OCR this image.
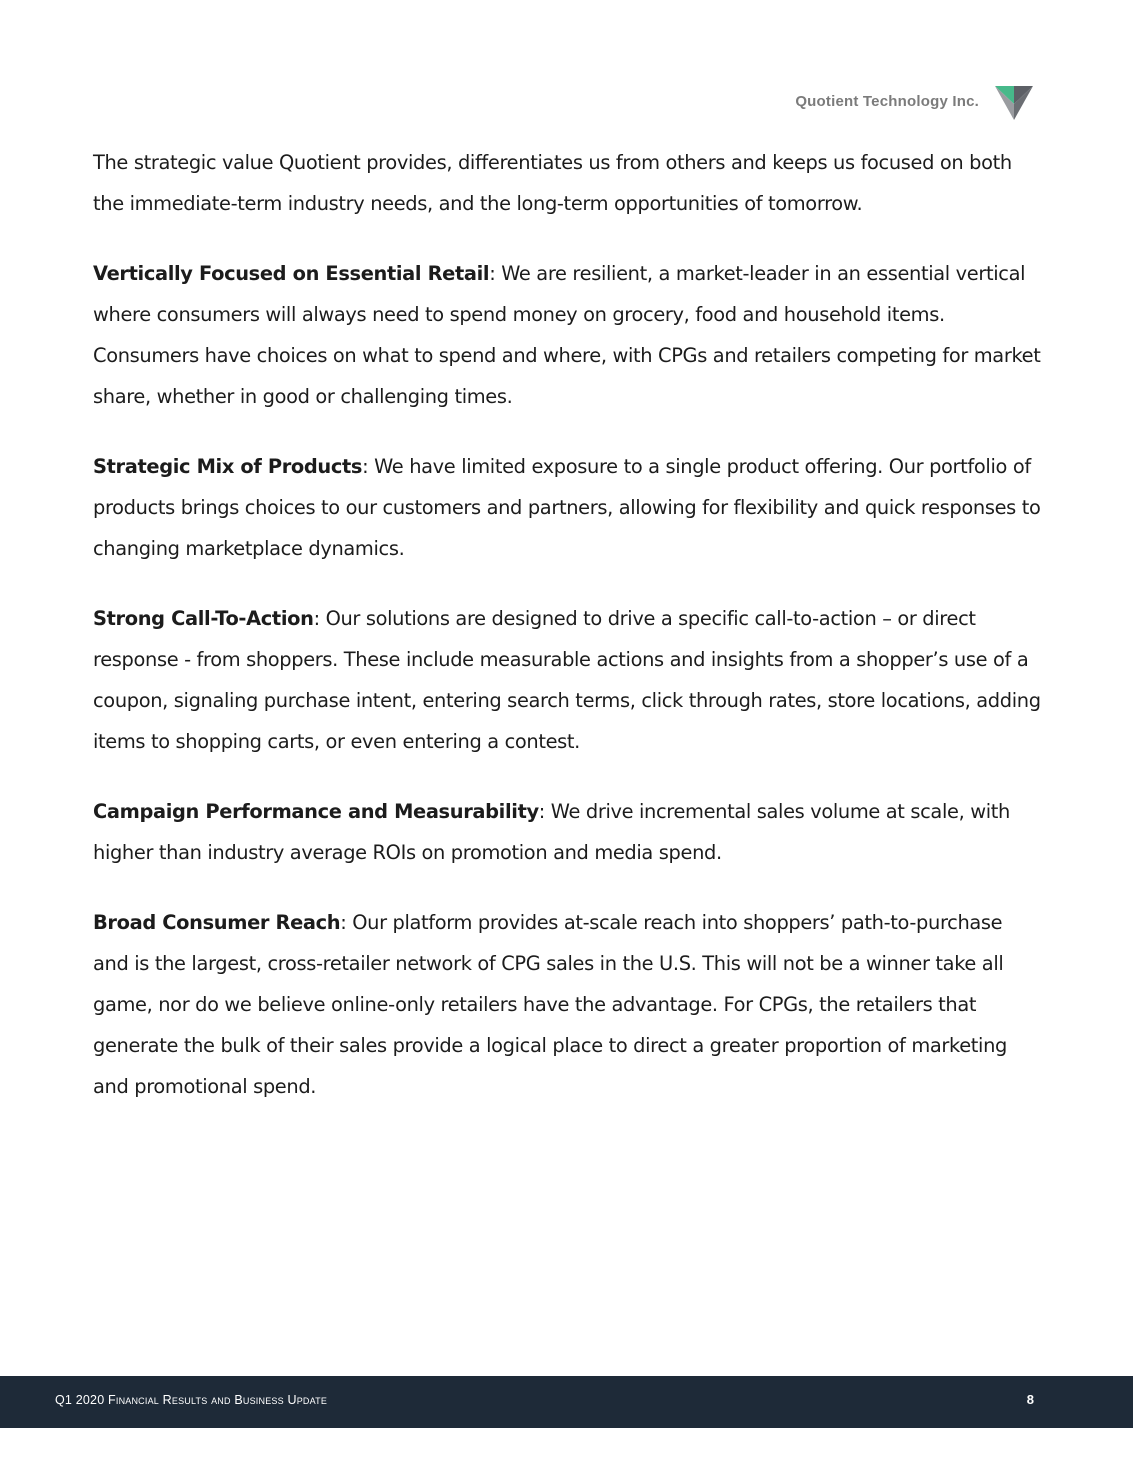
Quotient Technology Inc.

The strategic value Quotient provides, differentiates us from others and keeps us focused on both the immediate-term industry needs, and the long-term opportunities of tomorrow.

Vertically Focused on Essential Retail: We are resilient, a market-leader in an essential vertical where consumers will always need to spend money on grocery, food and household items. Consumers have choices on what to spend and where, with CPGs and retailers competing for market share, whether in good or challenging times.

Strategic Mix of Products: We have limited exposure to a single product offering. Our portfolio of products brings choices to our customers and partners, allowing for flexibility and quick responses to changing marketplace dynamics.

Strong Call-To-Action: Our solutions are designed to drive a specific call-to-action – or direct response - from shoppers. These include measurable actions and insights from a shopper’s use of a coupon, signaling purchase intent, entering search terms, click through rates, store locations, adding items to shopping carts, or even entering a contest.

Campaign Performance and Measurability: We drive incremental sales volume at scale, with higher than industry average ROIs on promotion and media spend.

Broad Consumer Reach: Our platform provides at-scale reach into shoppers’ path-to-purchase and is the largest, cross-retailer network of CPG sales in the U.S. This will not be a winner take all game, nor do we believe online-only retailers have the advantage. For CPGs, the retailers that generate the bulk of their sales provide a logical place to direct a greater proportion of marketing and promotional spend.

Q1 2020 Financial Results and Business Update	8
